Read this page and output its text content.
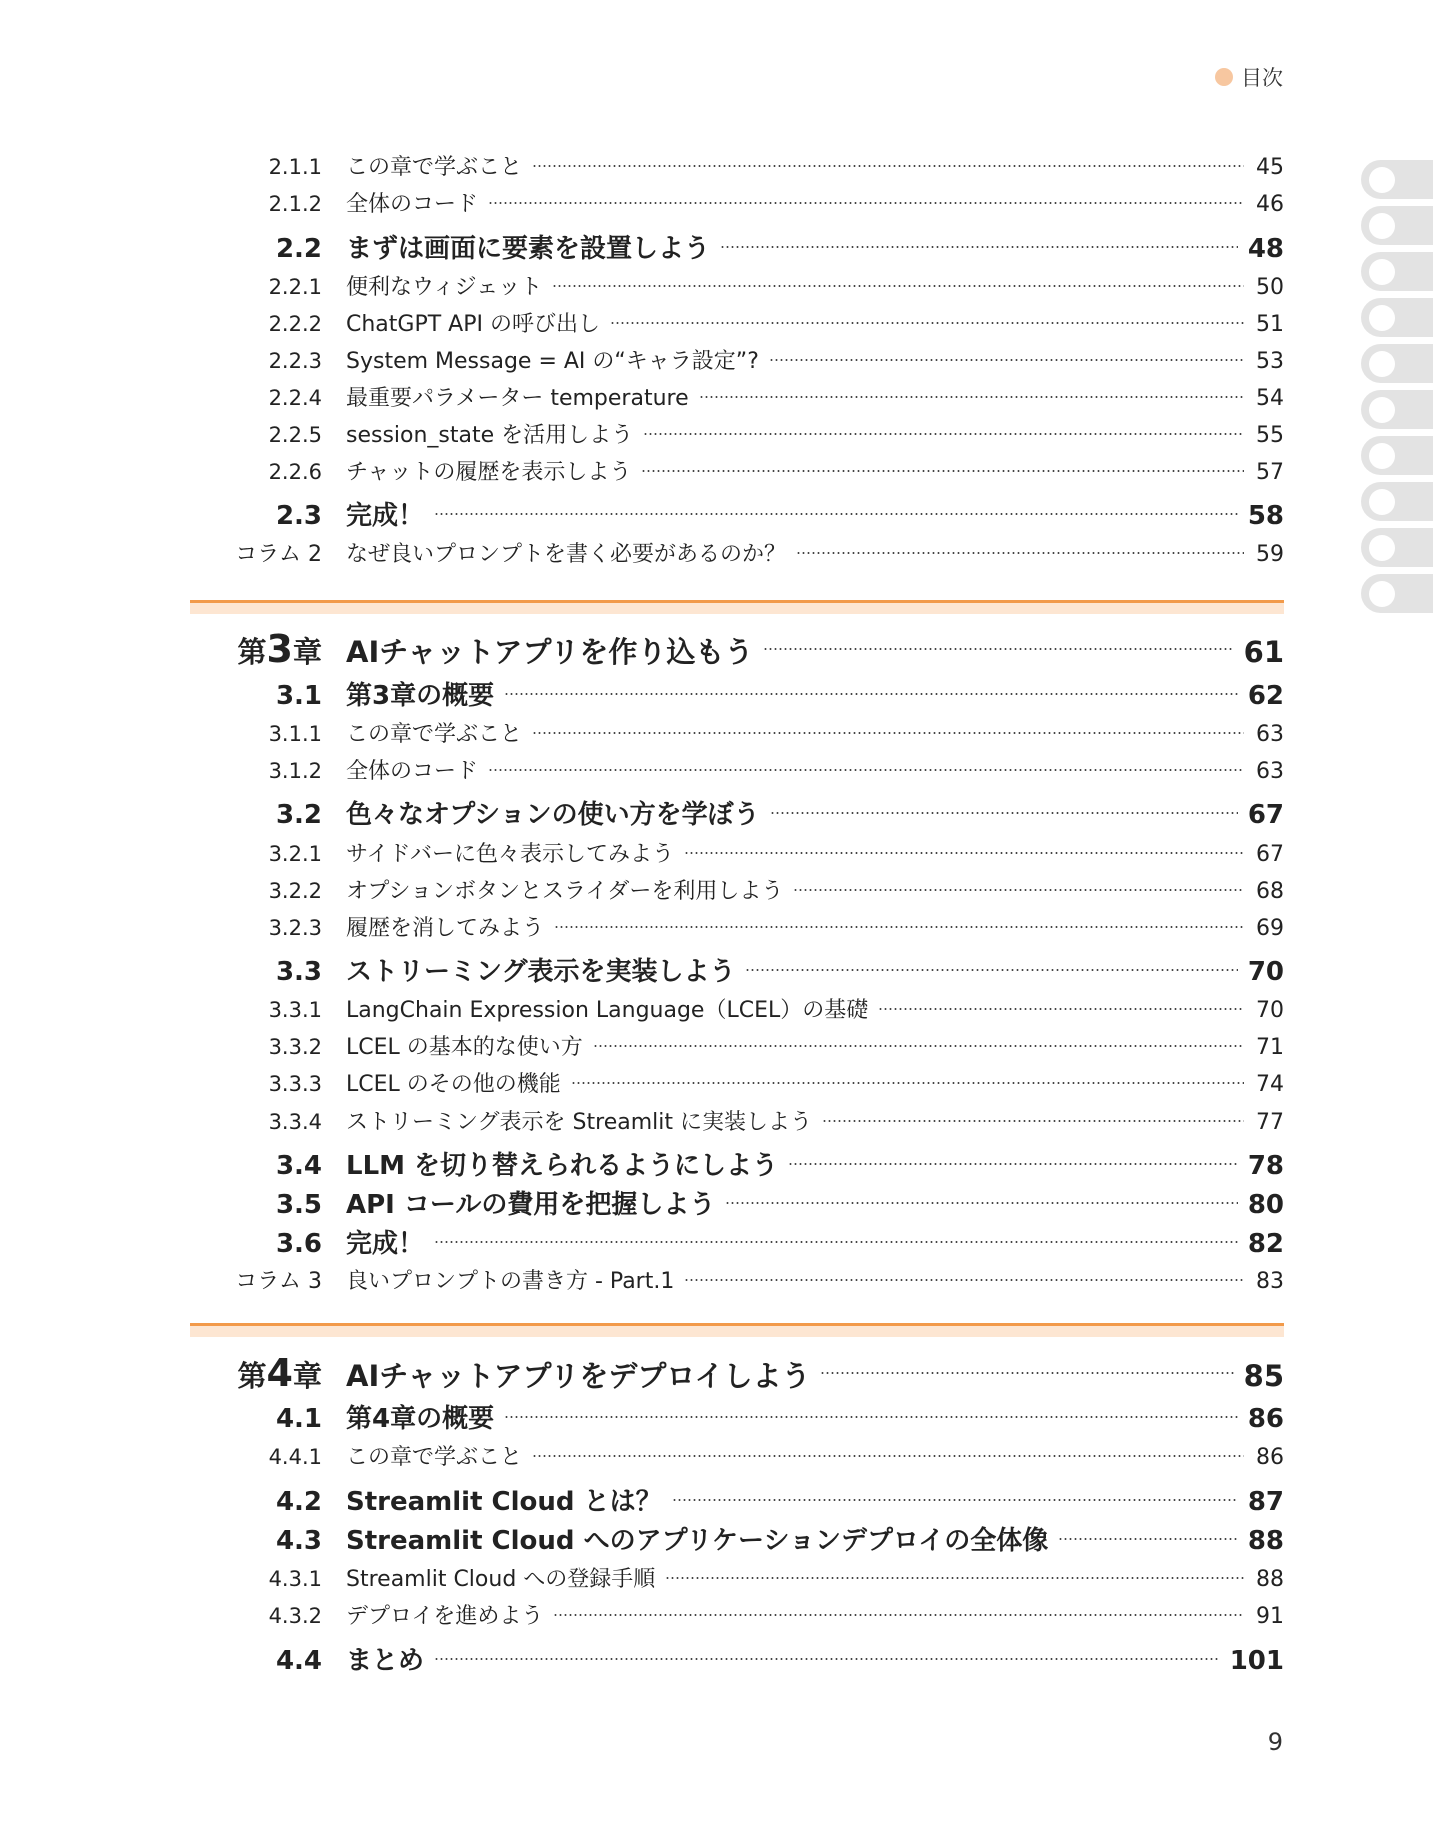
目次
2.1.1	この章で学ぶこと	45
2.1.2	全体のコード	46
2.2 まずは画面に要素を設置しよう	48
2.2.1	便利なウィジェット	50
2.2.2	ChatGPT API の呼び出し	51
2.2.3	System Message = AI の“キャラ設定”?	53
2.2.4	最重要パラメーター temperature	54
2.2.5	session_state を活用しよう	55
2.2.6	チャットの履歴を表示しよう	57
2.3 完成！	58
コラム 2	なぜ良いプロンプトを書く必要があるのか？	59
第3章 AIチャットアプリを作り込もう	61
3.1 第3章の概要	62
3.1.1	この章で学ぶこと	63
3.1.2	全体のコード	63
3.2 色々なオプションの使い方を学ぼう	67
3.2.1	サイドバーに色々表示してみよう	67
3.2.2	オプションボタンとスライダーを利用しよう	68
3.2.3	履歴を消してみよう	69
3.3 ストリーミング表示を実装しよう	70
3.3.1	LangChain Expression Language（LCEL）の基礎	70
3.3.2	LCEL の基本的な使い方	71
3.3.3	LCEL のその他の機能	74
3.3.4	ストリーミング表示を Streamlit に実装しよう	77
3.4 LLM を切り替えられるようにしよう	78
3.5 API コールの費用を把握しよう	80
3.6 完成！	82
コラム 3	良いプロンプトの書き方 - Part.1	83
第4章 AIチャットアプリをデプロイしよう	85
4.1 第4章の概要	86
4.4.1	この章で学ぶこと	86
4.2 Streamlit Cloud とは？	87
4.3 Streamlit Cloud へのアプリケーションデプロイの全体像	88
4.3.1	Streamlit Cloud への登録手順	88
4.3.2	デプロイを進めよう	91
4.4 まとめ	101
9
